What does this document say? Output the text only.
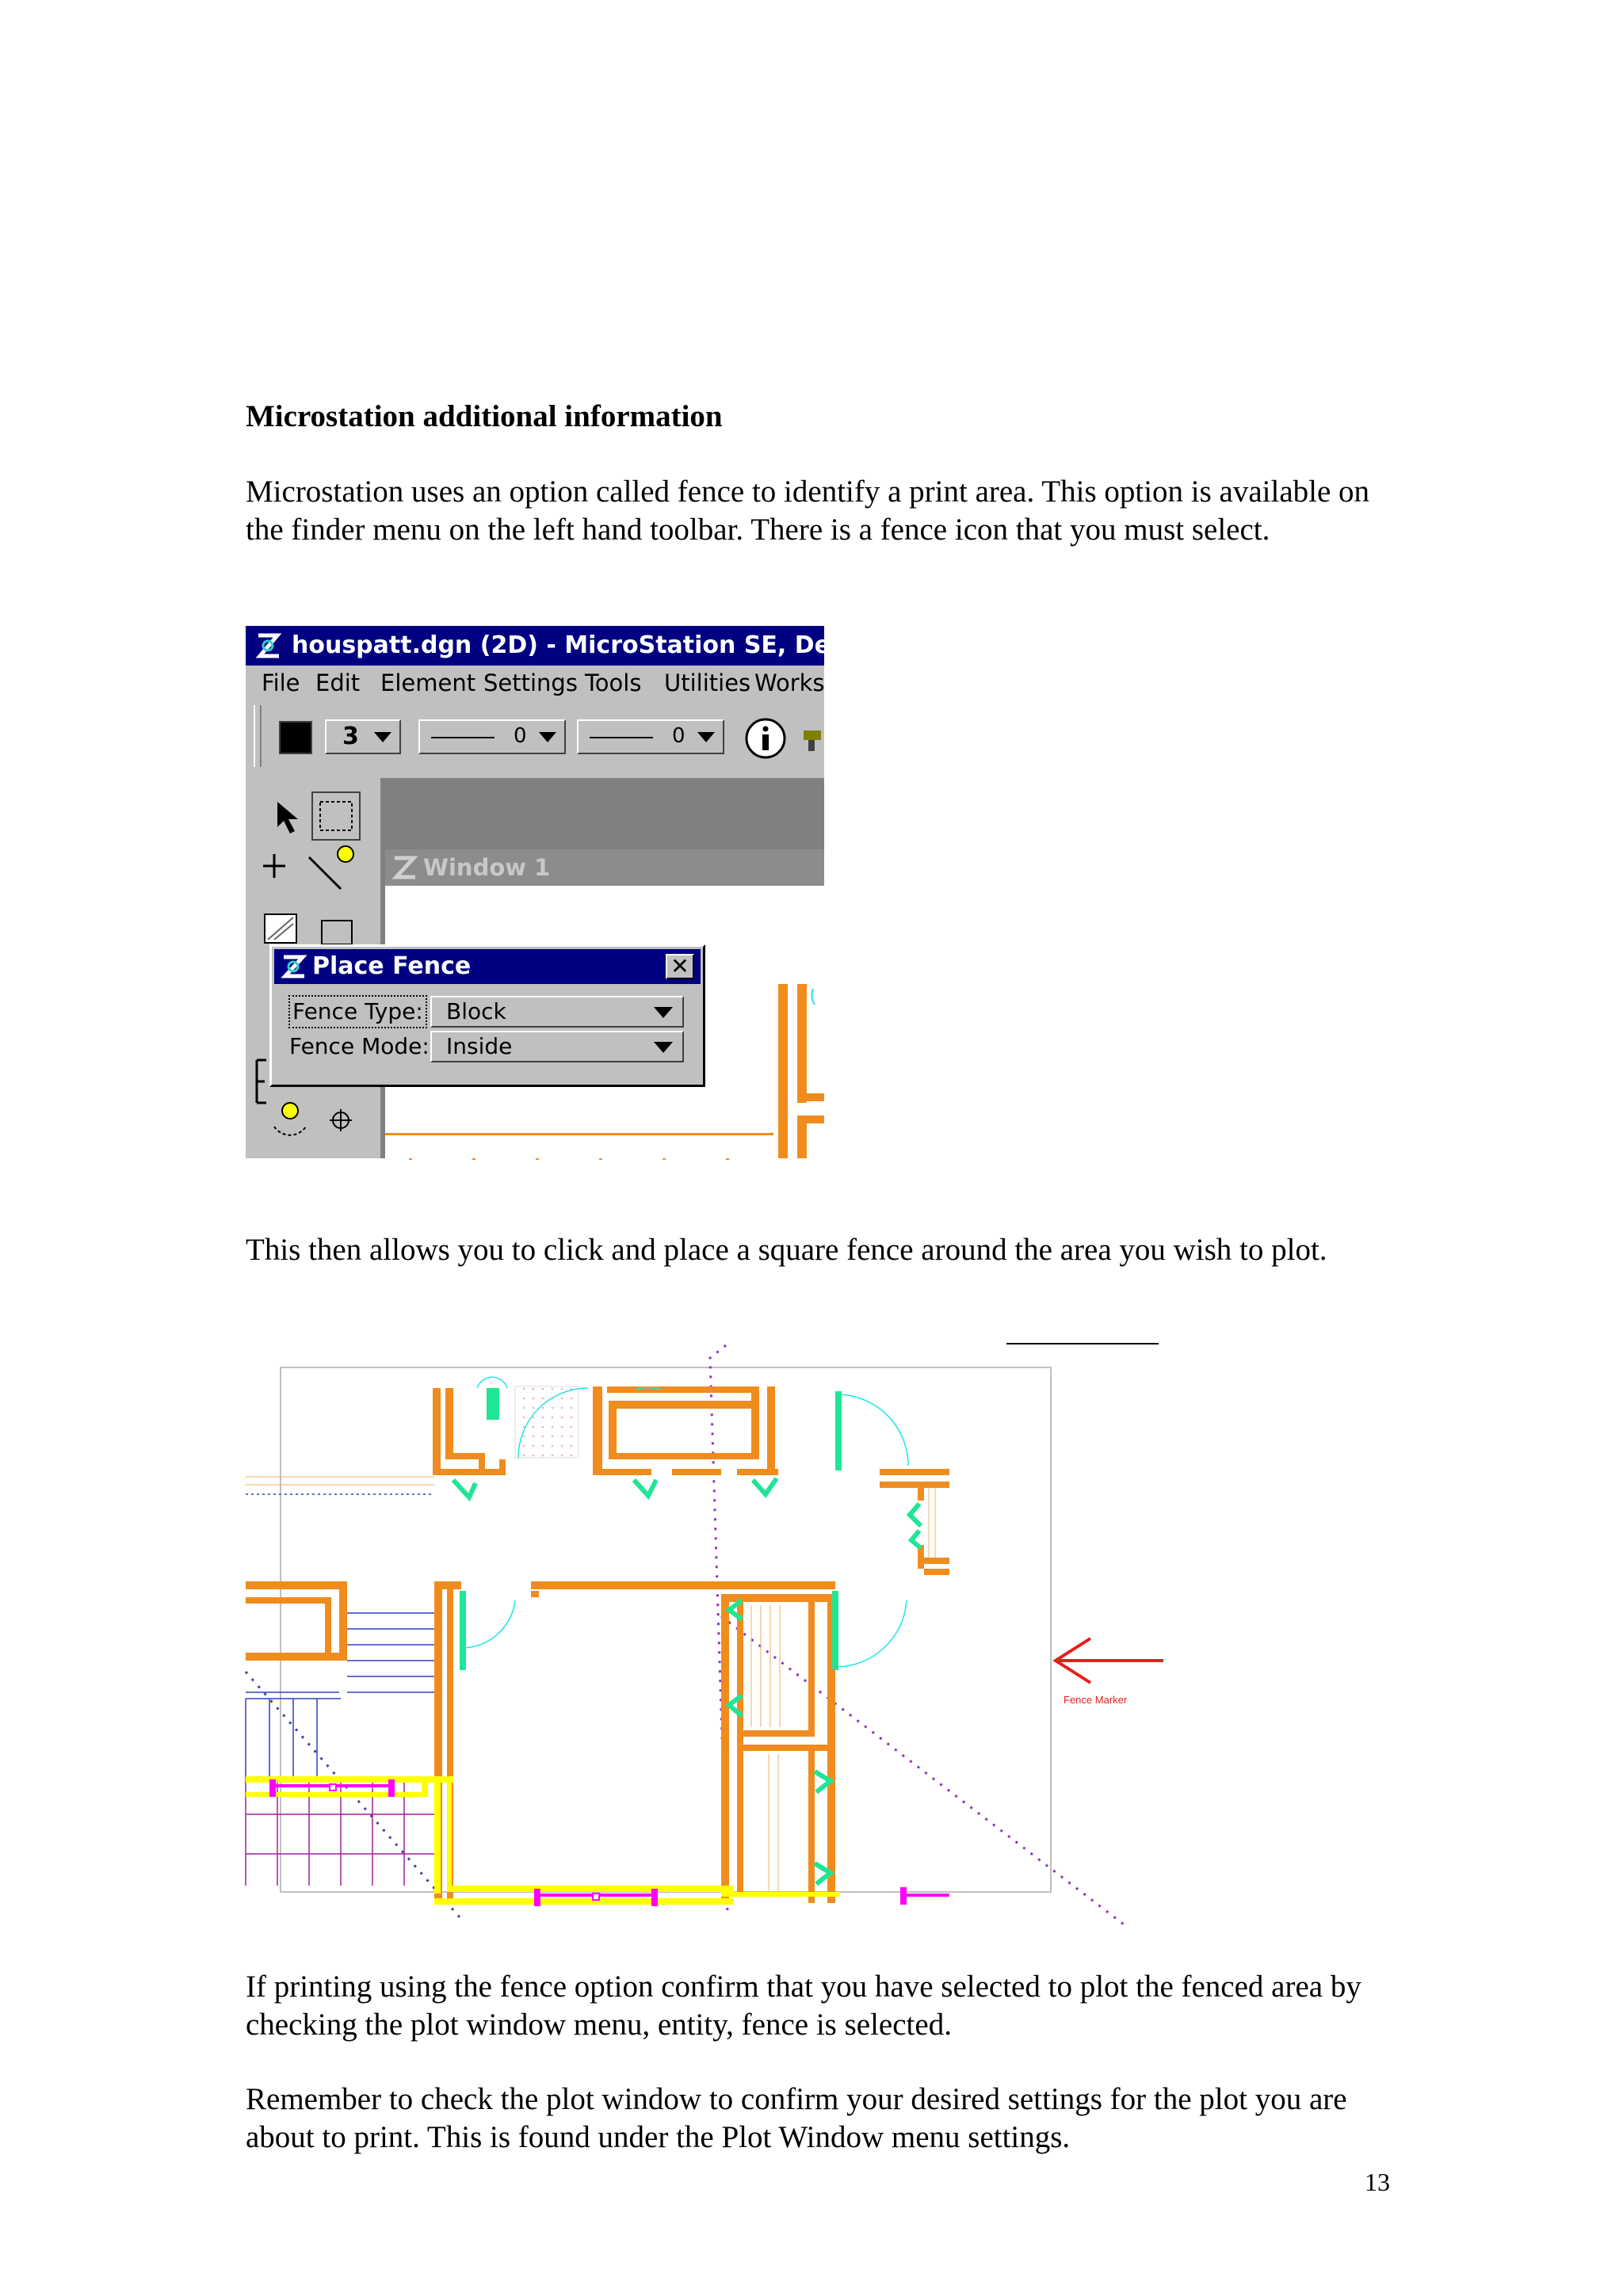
Microstation additional information
Microstation uses an option called fence to identify a print area. This option is available on the finder menu on the left hand toolbar. There is a fence icon that you must select.
houspatt.dgn (2D) - MicroStation SE, Demo Ve
File Edit Element Settings Tools Utilities Works
3	0	0
Window 1
Place Fence	✕
Fence Type:	Block
Fence Mode: Inside
This then allows you to click and place a square fence around the area you wish to plot.
Fence Marker
If printing using the fence option confirm that you have selected to plot the fenced area by checking the plot window menu, entity, fence is selected.
Remember to check the plot window to confirm your desired settings for the plot you are about to print. This is found under the Plot Window menu settings.
13
